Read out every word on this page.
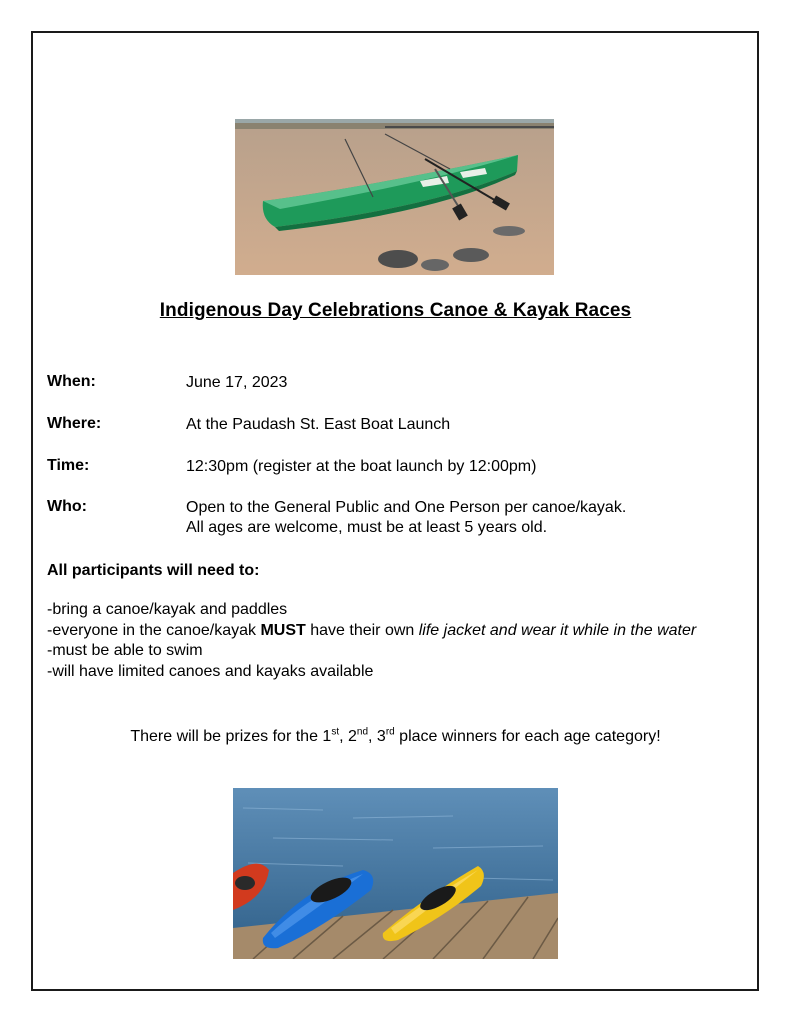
Indigenous Day Celebrations Canoe & Kayak Races
When:	June 17, 2023
Where:	At the Paudash St. East Boat Launch
Time:	12:30pm (register at the boat launch by 12:00pm)
Who:	Open to the General Public and One Person per canoe/kayak.
All ages are welcome, must be at least 5 years old.
All participants will need to:
-bring a canoe/kayak and paddles
-everyone in the canoe/kayak MUST have their own life jacket and wear it while in the water
-must be able to swim
-will have limited canoes and kayaks available
There will be prizes for the 1st, 2nd, 3rd place winners for each age category!
